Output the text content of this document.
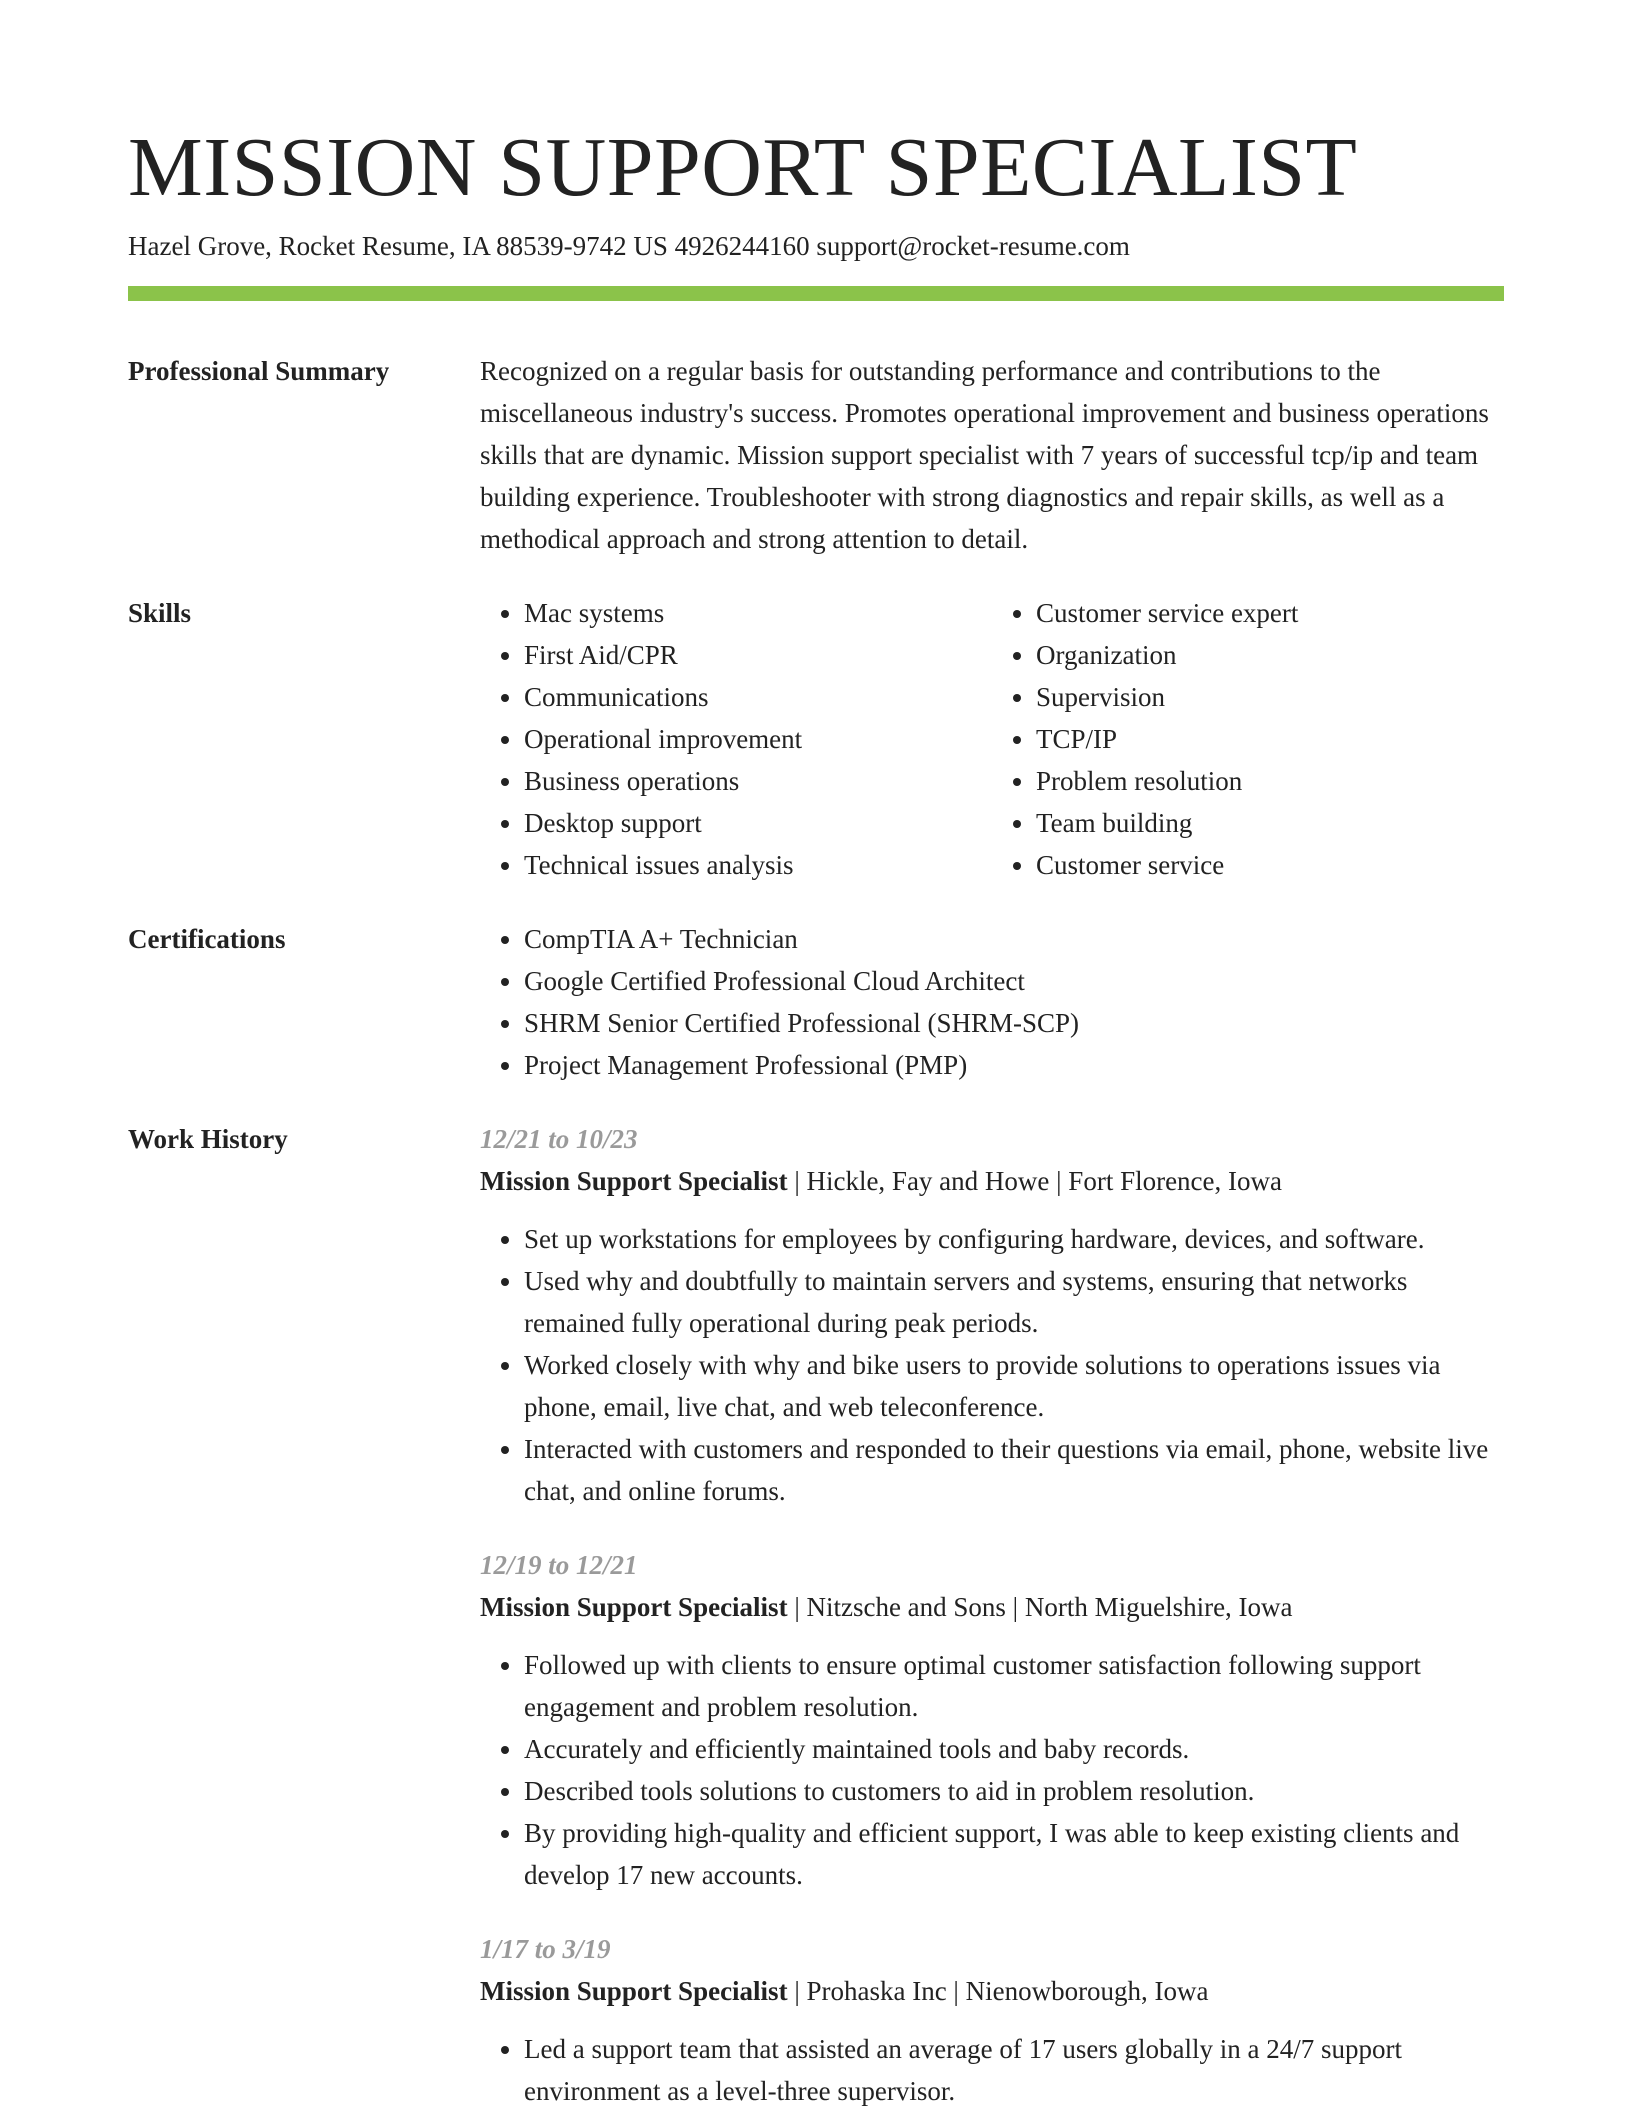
MISSION SUPPORT SPECIALIST
Hazel Grove, Rocket Resume, IA 88539-9742 US 4926244160 support@rocket-resume.com
Professional Summary	Recognized on a regular basis for outstanding performance and contributions to the miscellaneous industry's success. Promotes operational improvement and business operations skills that are dynamic. Mission support specialist with 7 years of successful tcp/ip and team building experience. Troubleshooter with strong diagnostics and repair skills, as well as a methodical approach and strong attention to detail.

Skills	• Mac systems
• First Aid/CPR
• Communications
• Operational improvement
• Business operations
• Desktop support
• Technical issues analysis
• Customer service expert
• Organization
• Supervision
• TCP/IP
• Problem resolution
• Team building
• Customer service
Certifications	• CompTIA A+ Technician
• Google Certified Professional Cloud Architect
• SHRM Senior Certified Professional (SHRM-SCP)
• Project Management Professional (PMP)
Work History	12/21 to 10/23
Mission Support Specialist | Hickle, Fay and Howe | Fort Florence, Iowa
• Set up workstations for employees by configuring hardware, devices, and software.
• Used why and doubtfully to maintain servers and systems, ensuring that networks remained fully operational during peak periods.
• Worked closely with why and bike users to provide solutions to operations issues via phone, email, live chat, and web teleconference.
• Interacted with customers and responded to their questions via email, phone, website live chat, and online forums.
12/19 to 12/21
Mission Support Specialist | Nitzsche and Sons | North Miguelshire, Iowa
• Followed up with clients to ensure optimal customer satisfaction following support engagement and problem resolution.
• Accurately and efficiently maintained tools and baby records.
• Described tools solutions to customers to aid in problem resolution.
• By providing high-quality and efficient support, I was able to keep existing clients and develop 17 new accounts.
1/17 to 3/19
Mission Support Specialist | Prohaska Inc | Nienowborough, Iowa
• Led a support team that assisted an average of 17 users globally in a 24/7 support environment as a level-three supervisor.
